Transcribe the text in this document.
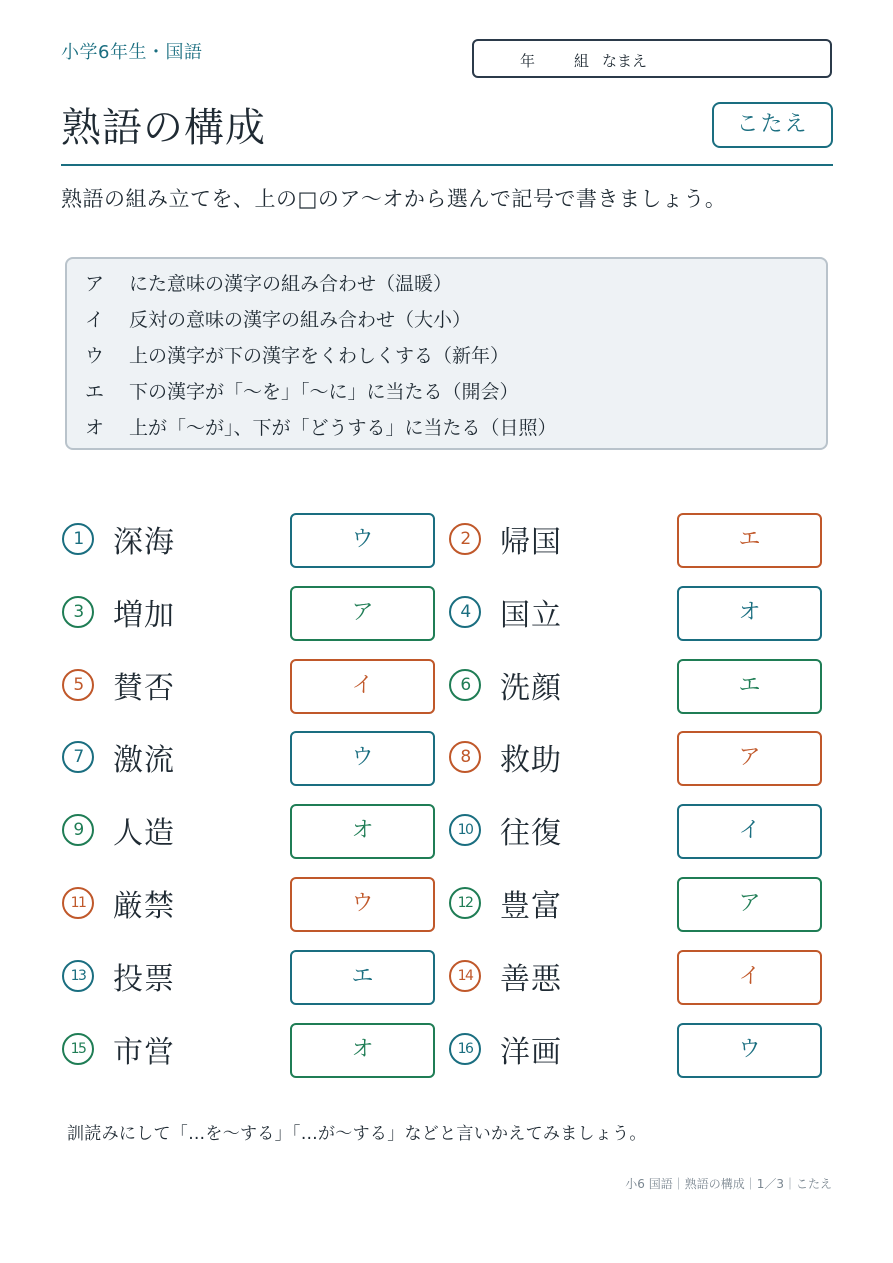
小学6年生・国語	年	組 なまえ
熟語の構成	こたえ
熟語の組み立てを、上の□のア〜オから選んで記号で書きましょう。
ア にた意味の漢字の組み合わせ（温暖）
イ 反対の意味の漢字の組み合わせ（大小）
ウ 上の漢字が下の漢字をくわしくする（新年）
エ 下の漢字が「〜を」「〜に」に当たる（開会）
オ 上が「〜が」、下が「どうする」に当たる（日照）
1	深海	ウ	2	帰国	エ
3	増加	ア	4	国立	オ
5	賛否	イ	6	洗顔	エ
7	激流	ウ	8	救助	ア
9	人造	オ	10 往復	イ
11 厳禁	ウ	12 豊富	ア
13 投票	エ	14 善悪	イ
15 市営	オ	16 洋画	ウ
訓読みにして「…を〜する」「…が〜する」などと言いかえてみましょう。
小6 国語｜熟語の構成｜1／3｜こたえ
